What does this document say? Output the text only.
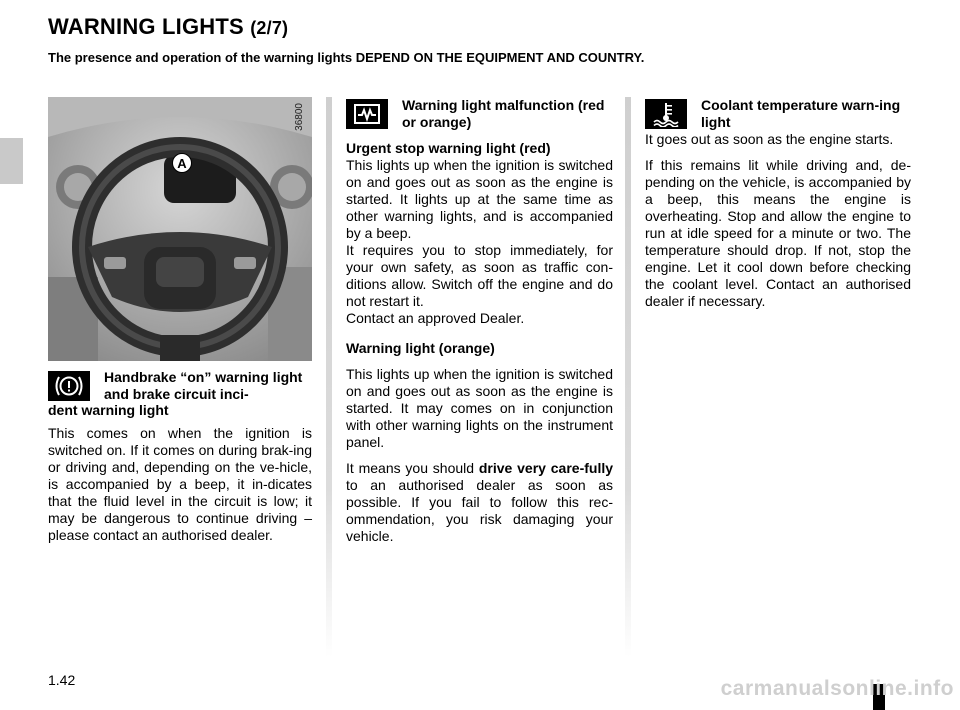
WARNING LIGHTS (2/7)
The presence and operation of the warning lights DEPEND ON THE EQUIPMENT AND COUNTRY.
A
36800
Handbrake “on” warning light and brake circuit inci-
dent warning light

This comes on when the ignition is switched on. If it comes on during brak-ing or driving and, depending on the ve-hicle, is accompanied by a beep, it in-dicates that the fluid level in the circuit is low; it may be dangerous to continue driving – please contact an authorised dealer.

Warning light malfunction (red or orange)

Urgent stop warning light (red)

This lights up when the ignition is switched on and goes out as soon as the engine is started. It lights up at the same time as other warning lights, and is accompanied by a beep.

It requires you to stop immediately, for your own safety, as soon as traffic con-ditions allow. Switch off the engine and do not restart it.

Contact an approved Dealer.

Warning light (orange)

This lights up when the ignition is switched on and goes out as soon as the engine is started. It may comes on in conjunction with other warning lights on the instrument panel.

It means you should drive very care-fully to an authorised dealer as soon as possible. If you fail to follow this rec-ommendation, you risk damaging your vehicle.

Coolant temperature warn-ing light

It goes out as soon as the engine starts.

If this remains lit while driving and, de-pending on the vehicle, is accompanied by a beep, this means the engine is overheating. Stop and allow the engine to run at idle speed for a minute or two. The temperature should drop. If not, stop the engine. Let it cool down before checking the coolant level. Contact an authorised dealer if necessary.

1.42	carmanualsonline.info
